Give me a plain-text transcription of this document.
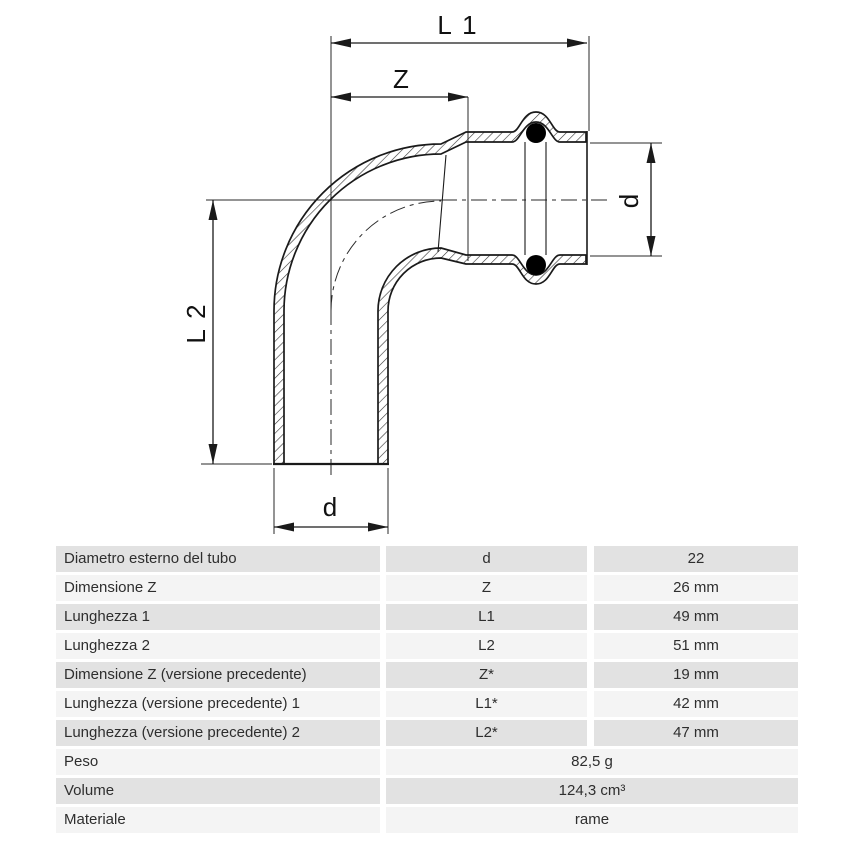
L 1
Z
L 2
d
d
Diametro esterno del tubo	d	22
Dimensione Z	Z	26 mm
Lunghezza 1	L1	49 mm
Lunghezza 2	L2	51 mm
Dimensione Z (versione precedente)	Z*	19 mm
Lunghezza (versione precedente) 1	L1*	42 mm
Lunghezza (versione precedente) 2	L2*	47 mm
Peso	82,5 g
Volume	124,3 cm³
Materiale	rame
